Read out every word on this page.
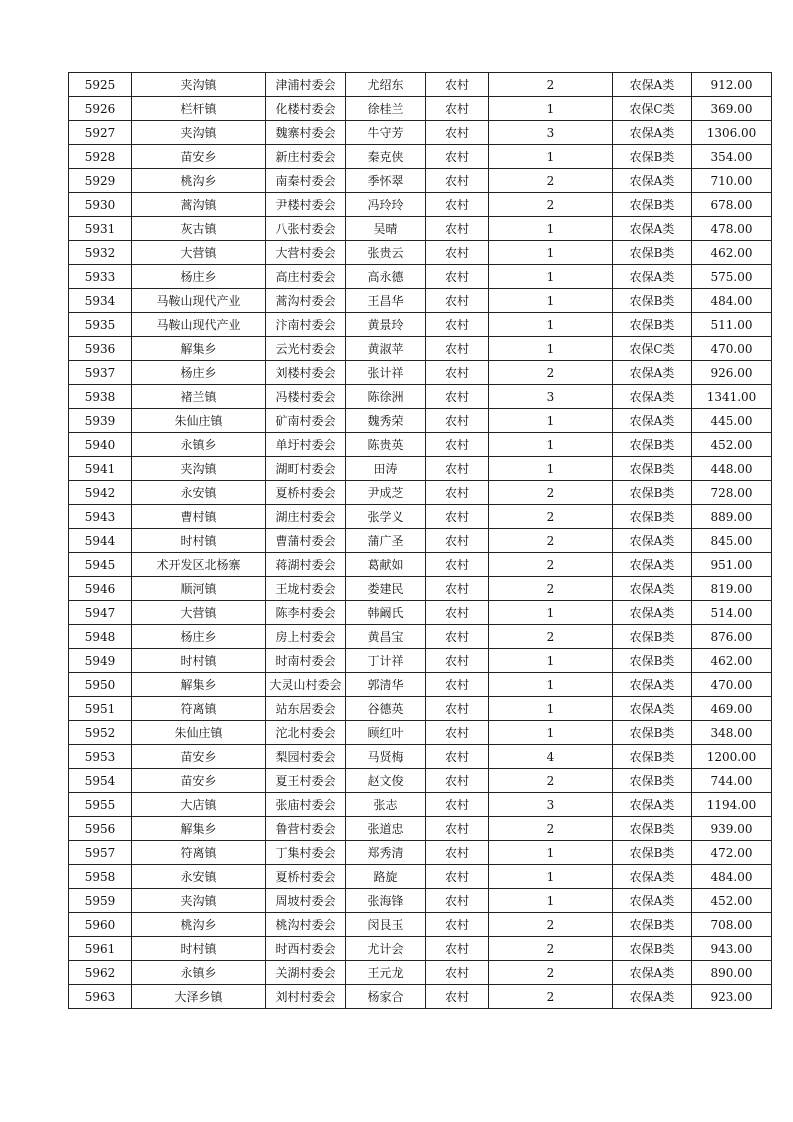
5925	夹沟镇	津浦村委会	尤绍东	农村	2	农保A类	912.00
5926	栏杆镇	化楼村委会	徐桂兰	农村	1	农保C类	369.00
5927	夹沟镇	魏寨村委会	牛守芳	农村	3	农保A类	1306.00
5928	苗安乡	新庄村委会	秦克侠	农村	1	农保B类	354.00
5929	桃沟乡	南秦村委会	季怀翠	农村	2	农保A类	710.00
5930	蒿沟镇	尹楼村委会	冯玲玲	农村	2	农保B类	678.00
5931	灰古镇	八张村委会	吴晴	农村	1	农保A类	478.00
5932	大营镇	大营村委会	张贵云	农村	1	农保B类	462.00
5933	杨庄乡	高庄村委会	高永德	农村	1	农保A类	575.00
5934	马鞍山现代产业	蒿沟村委会	王昌华	农村	1	农保B类	484.00
5935	马鞍山现代产业	汴南村委会	黄景玲	农村	1	农保B类	511.00
5936	解集乡	云光村委会	黄淑苹	农村	1	农保C类	470.00
5937	杨庄乡	刘楼村委会	张计祥	农村	2	农保A类	926.00
5938	褚兰镇	冯楼村委会	陈徐洲	农村	3	农保A类	1341.00
5939	朱仙庄镇	矿南村委会	魏秀荣	农村	1	农保A类	445.00
5940	永镇乡	单圩村委会	陈贵英	农村	1	农保B类	452.00
5941	夹沟镇	湖町村委会	田涛	农村	1	农保B类	448.00
5942	永安镇	夏桥村委会	尹成芝	农村	2	农保B类	728.00
5943	曹村镇	湖庄村委会	张学义	农村	2	农保B类	889.00
5944	时村镇	曹蒲村委会	蒲广圣	农村	2	农保A类	845.00
5945	术开发区北杨寨	蒋湖村委会	葛献如	农村	2	农保A类	951.00
5946	顺河镇	王垅村委会	娄建民	农村	2	农保A类	819.00
5947	大营镇	陈李村委会	韩阚氏	农村	1	农保A类	514.00
5948	杨庄乡	房上村委会	黄昌宝	农村	2	农保B类	876.00
5949	时村镇	时南村委会	丁计祥	农村	1	农保B类	462.00
5950	解集乡	大灵山村委会	郭清华	农村	1	农保A类	470.00
5951	符离镇	站东居委会	谷德英	农村	1	农保A类	469.00
5952	朱仙庄镇	沱北村委会	顾红叶	农村	1	农保B类	348.00
5953	苗安乡	梨园村委会	马贤梅	农村	4	农保B类	1200.00
5954	苗安乡	夏王村委会	赵文俊	农村	2	农保B类	744.00
5955	大店镇	张庙村委会	张志	农村	3	农保A类	1194.00
5956	解集乡	鲁营村委会	张道忠	农村	2	农保B类	939.00
5957	符离镇	丁集村委会	郑秀清	农村	1	农保B类	472.00
5958	永安镇	夏桥村委会	路旋	农村	1	农保A类	484.00
5959	夹沟镇	周坡村委会	张海锋	农村	1	农保A类	452.00
5960	桃沟乡	桃沟村委会	闵艮玉	农村	2	农保B类	708.00
5961	时村镇	时西村委会	尤计会	农村	2	农保B类	943.00
5962	永镇乡	关湖村委会	王元龙	农村	2	农保A类	890.00
5963	大泽乡镇	刘村村委会	杨家合	农村	2	农保A类	923.00
